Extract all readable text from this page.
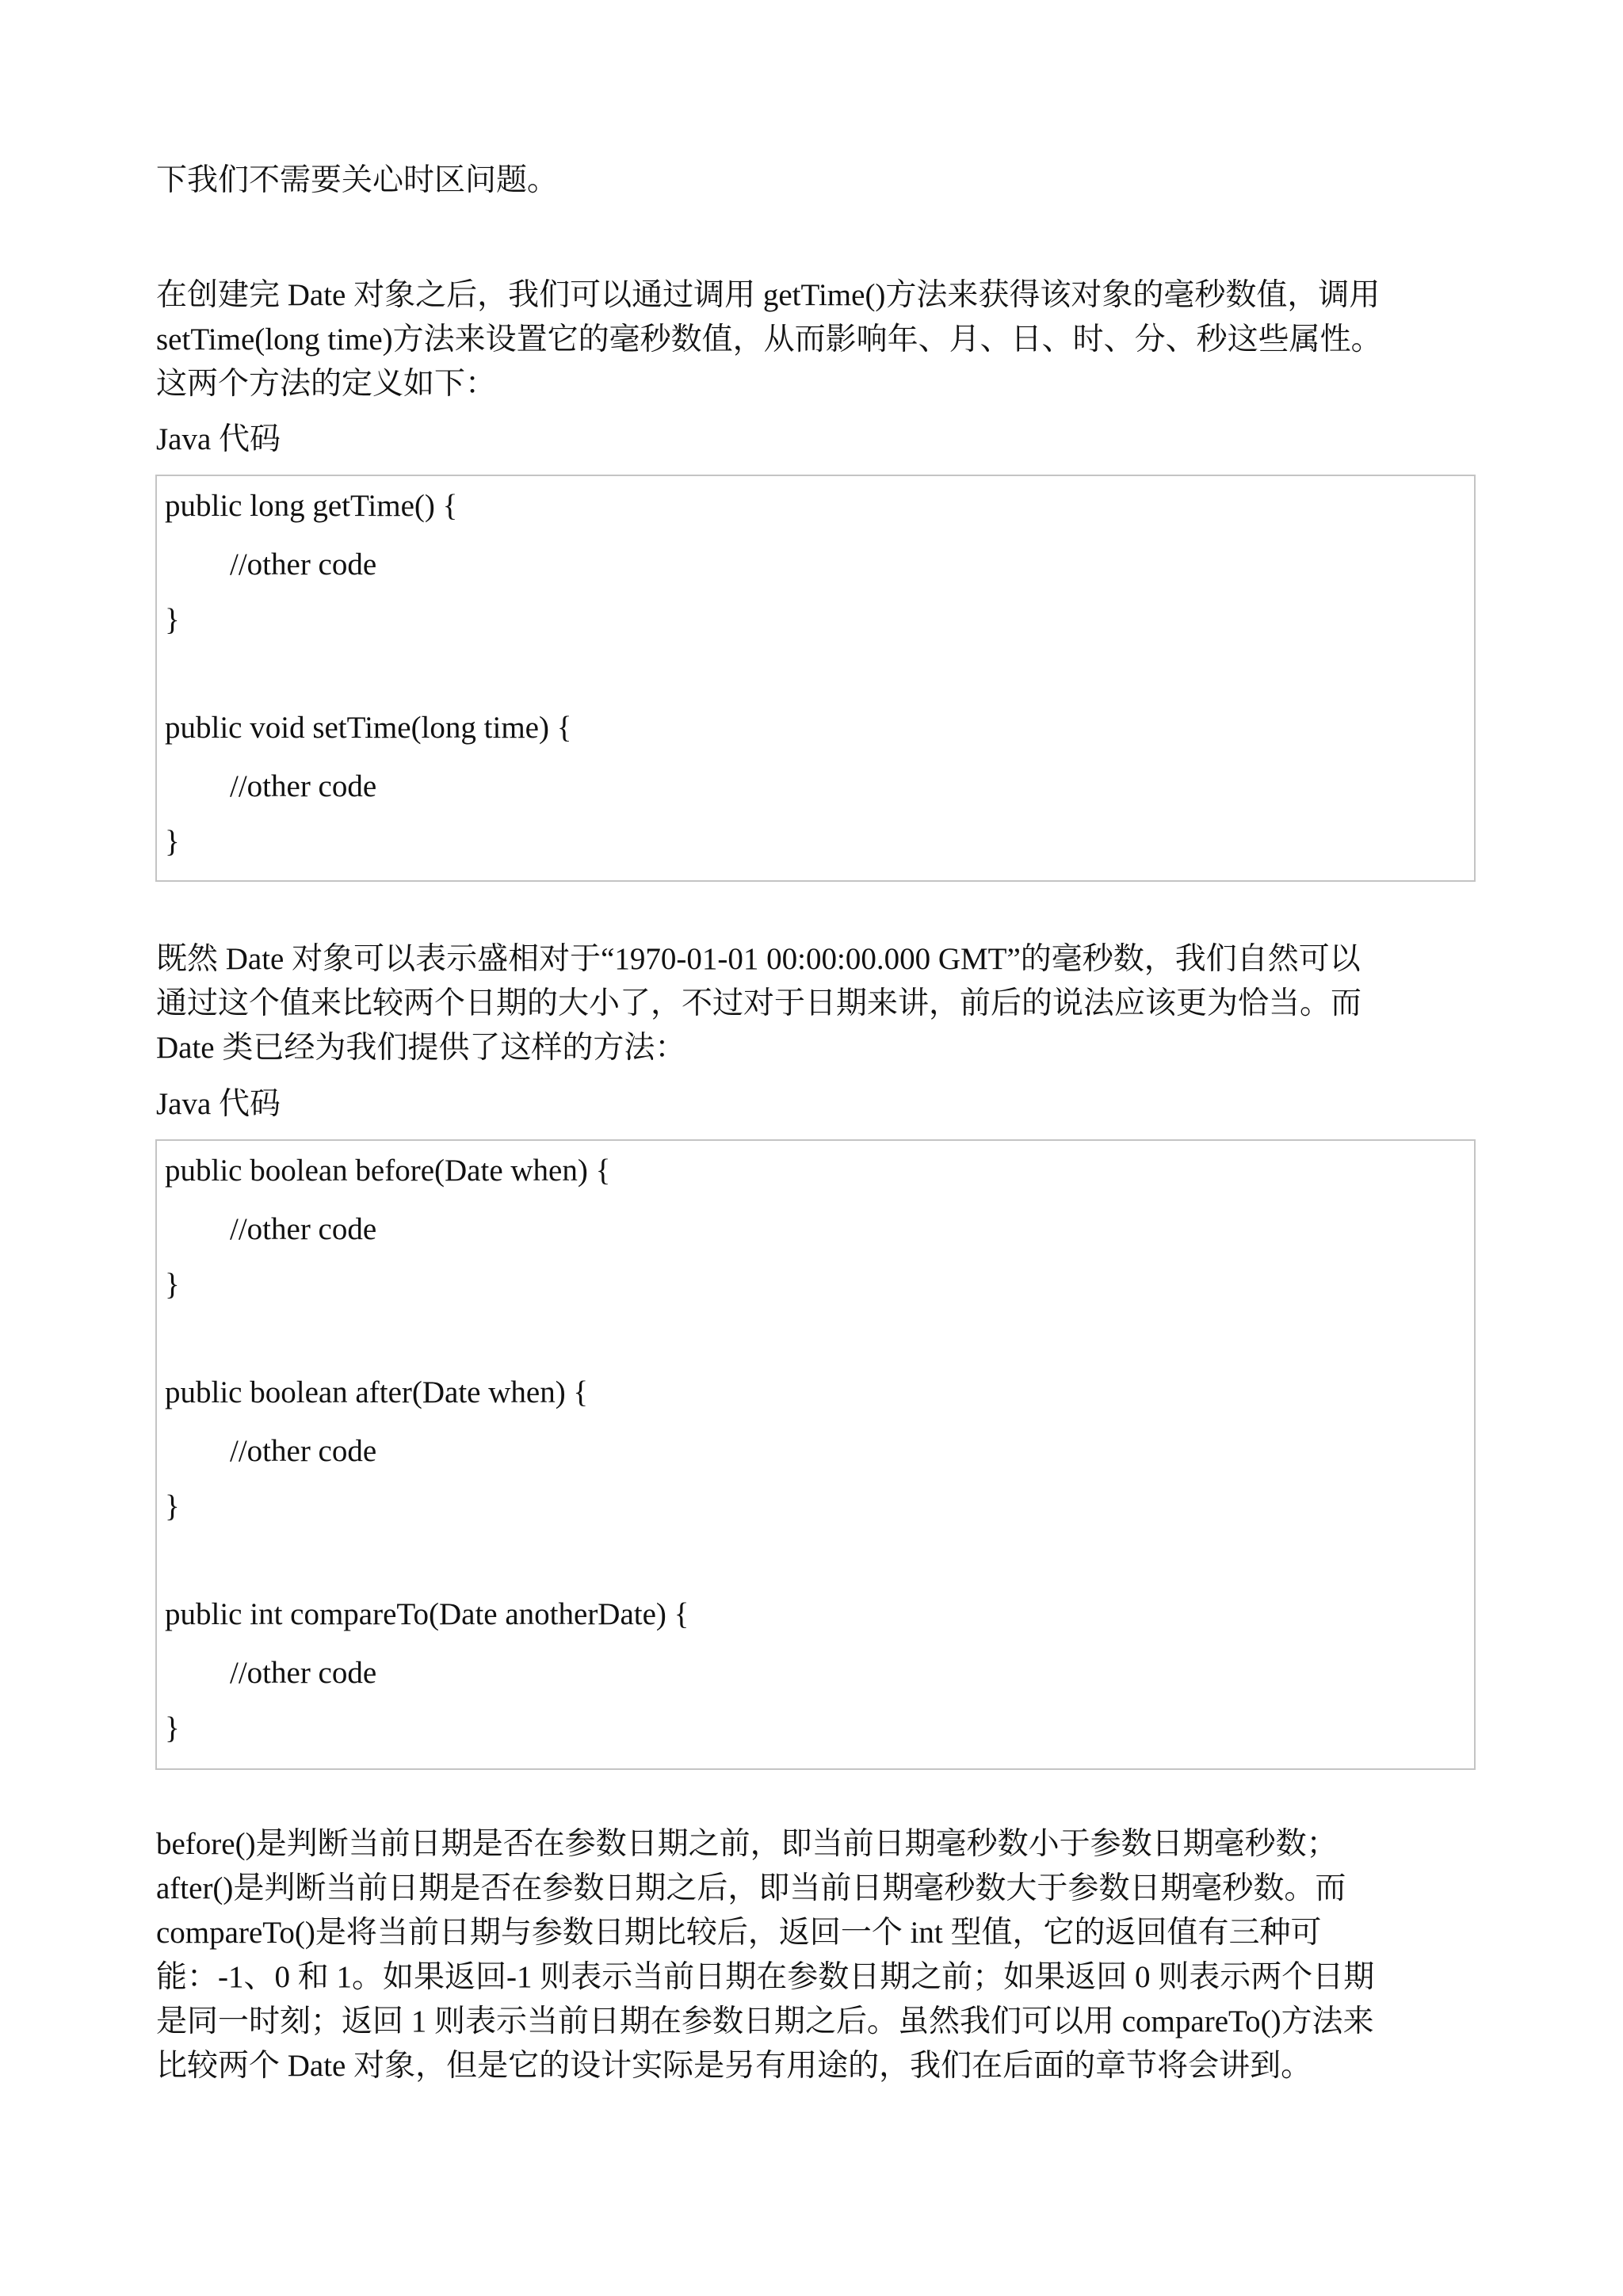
下我们不需要关心时区问题。

在创建完 Date 对象之后，我们可以通过调用 getTime()方法来获得该对象的毫秒数值，调用
setTime(long time)方法来设置它的毫秒数值，从而影响年、月、日、时、分、秒这些属性。
这两个方法的定义如下：

Java 代码

public long getTime() {
//other code
}
public void setTime(long time) {
//other code
}

既然 Date 对象可以表示盛相对于“1970-01-01 00:00:00.000 GMT”的毫秒数，我们自然可以
通过这个值来比较两个日期的大小了，不过对于日期来讲，前后的说法应该更为恰当。而
Date 类已经为我们提供了这样的方法：

Java 代码

public boolean before(Date when) {
//other code
}
public boolean after(Date when) {
//other code
}
public int compareTo(Date anotherDate) {
//other code
}

before()是判断当前日期是否在参数日期之前，即当前日期毫秒数小于参数日期毫秒数；
after()是判断当前日期是否在参数日期之后，即当前日期毫秒数大于参数日期毫秒数。而
compareTo()是将当前日期与参数日期比较后，返回一个 int 型值，它的返回值有三种可
能：-1、0 和 1。如果返回-1 则表示当前日期在参数日期之前；如果返回 0 则表示两个日期
是同一时刻；返回 1 则表示当前日期在参数日期之后。虽然我们可以用 compareTo()方法来
比较两个 Date 对象，但是它的设计实际是另有用途的，我们在后面的章节将会讲到。
